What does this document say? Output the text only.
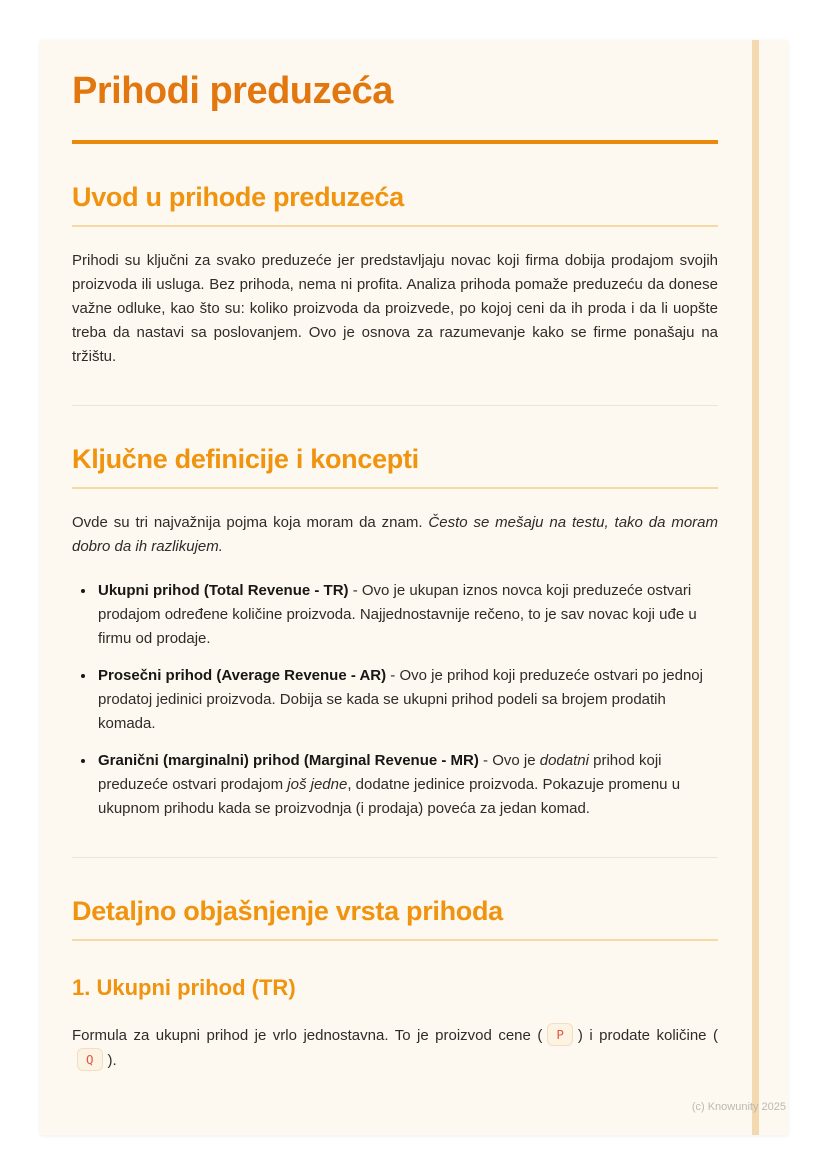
Prihodi preduzeća
Uvod u prihode preduzeća

Prihodi su ključni za svako preduzeće jer predstavljaju novac koji firma dobija prodajom svojih proizvoda ili usluga. Bez prihoda, nema ni profita. Analiza prihoda pomaže preduzeću da donese važne odluke, kao što su: koliko proizvoda da proizvede, po kojoj ceni da ih proda i da li uopšte treba da nastavi sa poslovanjem. Ovo je osnova za razumevanje kako se firme ponašaju na tržištu.

Ključne definicije i koncepti

Ovde su tri najvažnija pojma koja moram da znam. Često se mešaju na testu, tako da moram dobro da ih razlikujem.

• Ukupni prihod (Total Revenue - TR) - Ovo je ukupan iznos novca koji preduzeće ostvari prodajom određene količine proizvoda. Najjednostavnije rečeno, to je sav novac koji uđe u firmu od prodaje.
• Prosečni prihod (Average Revenue - AR) - Ovo je prihod koji preduzeće ostvari po jednoj prodatoj jedinici proizvoda. Dobija se kada se ukupni prihod podeli sa brojem prodatih komada.
• Granični (marginalni) prihod (Marginal Revenue - MR) - Ovo je dodatni prihod koji preduzeće ostvari prodajom još jedne, dodatne jedinice proizvoda. Pokazuje promenu u ukupnom prihodu kada se proizvodnja (i prodaja) poveća za jedan komad.
Detaljno objašnjenje vrsta prihoda
1. Ukupni prihod (TR)

Formula za ukupni prihod je vrlo jednostavna. To je proizvod cene ( P ) i prodate količine (Q ).

(c) Knowunity 2025
